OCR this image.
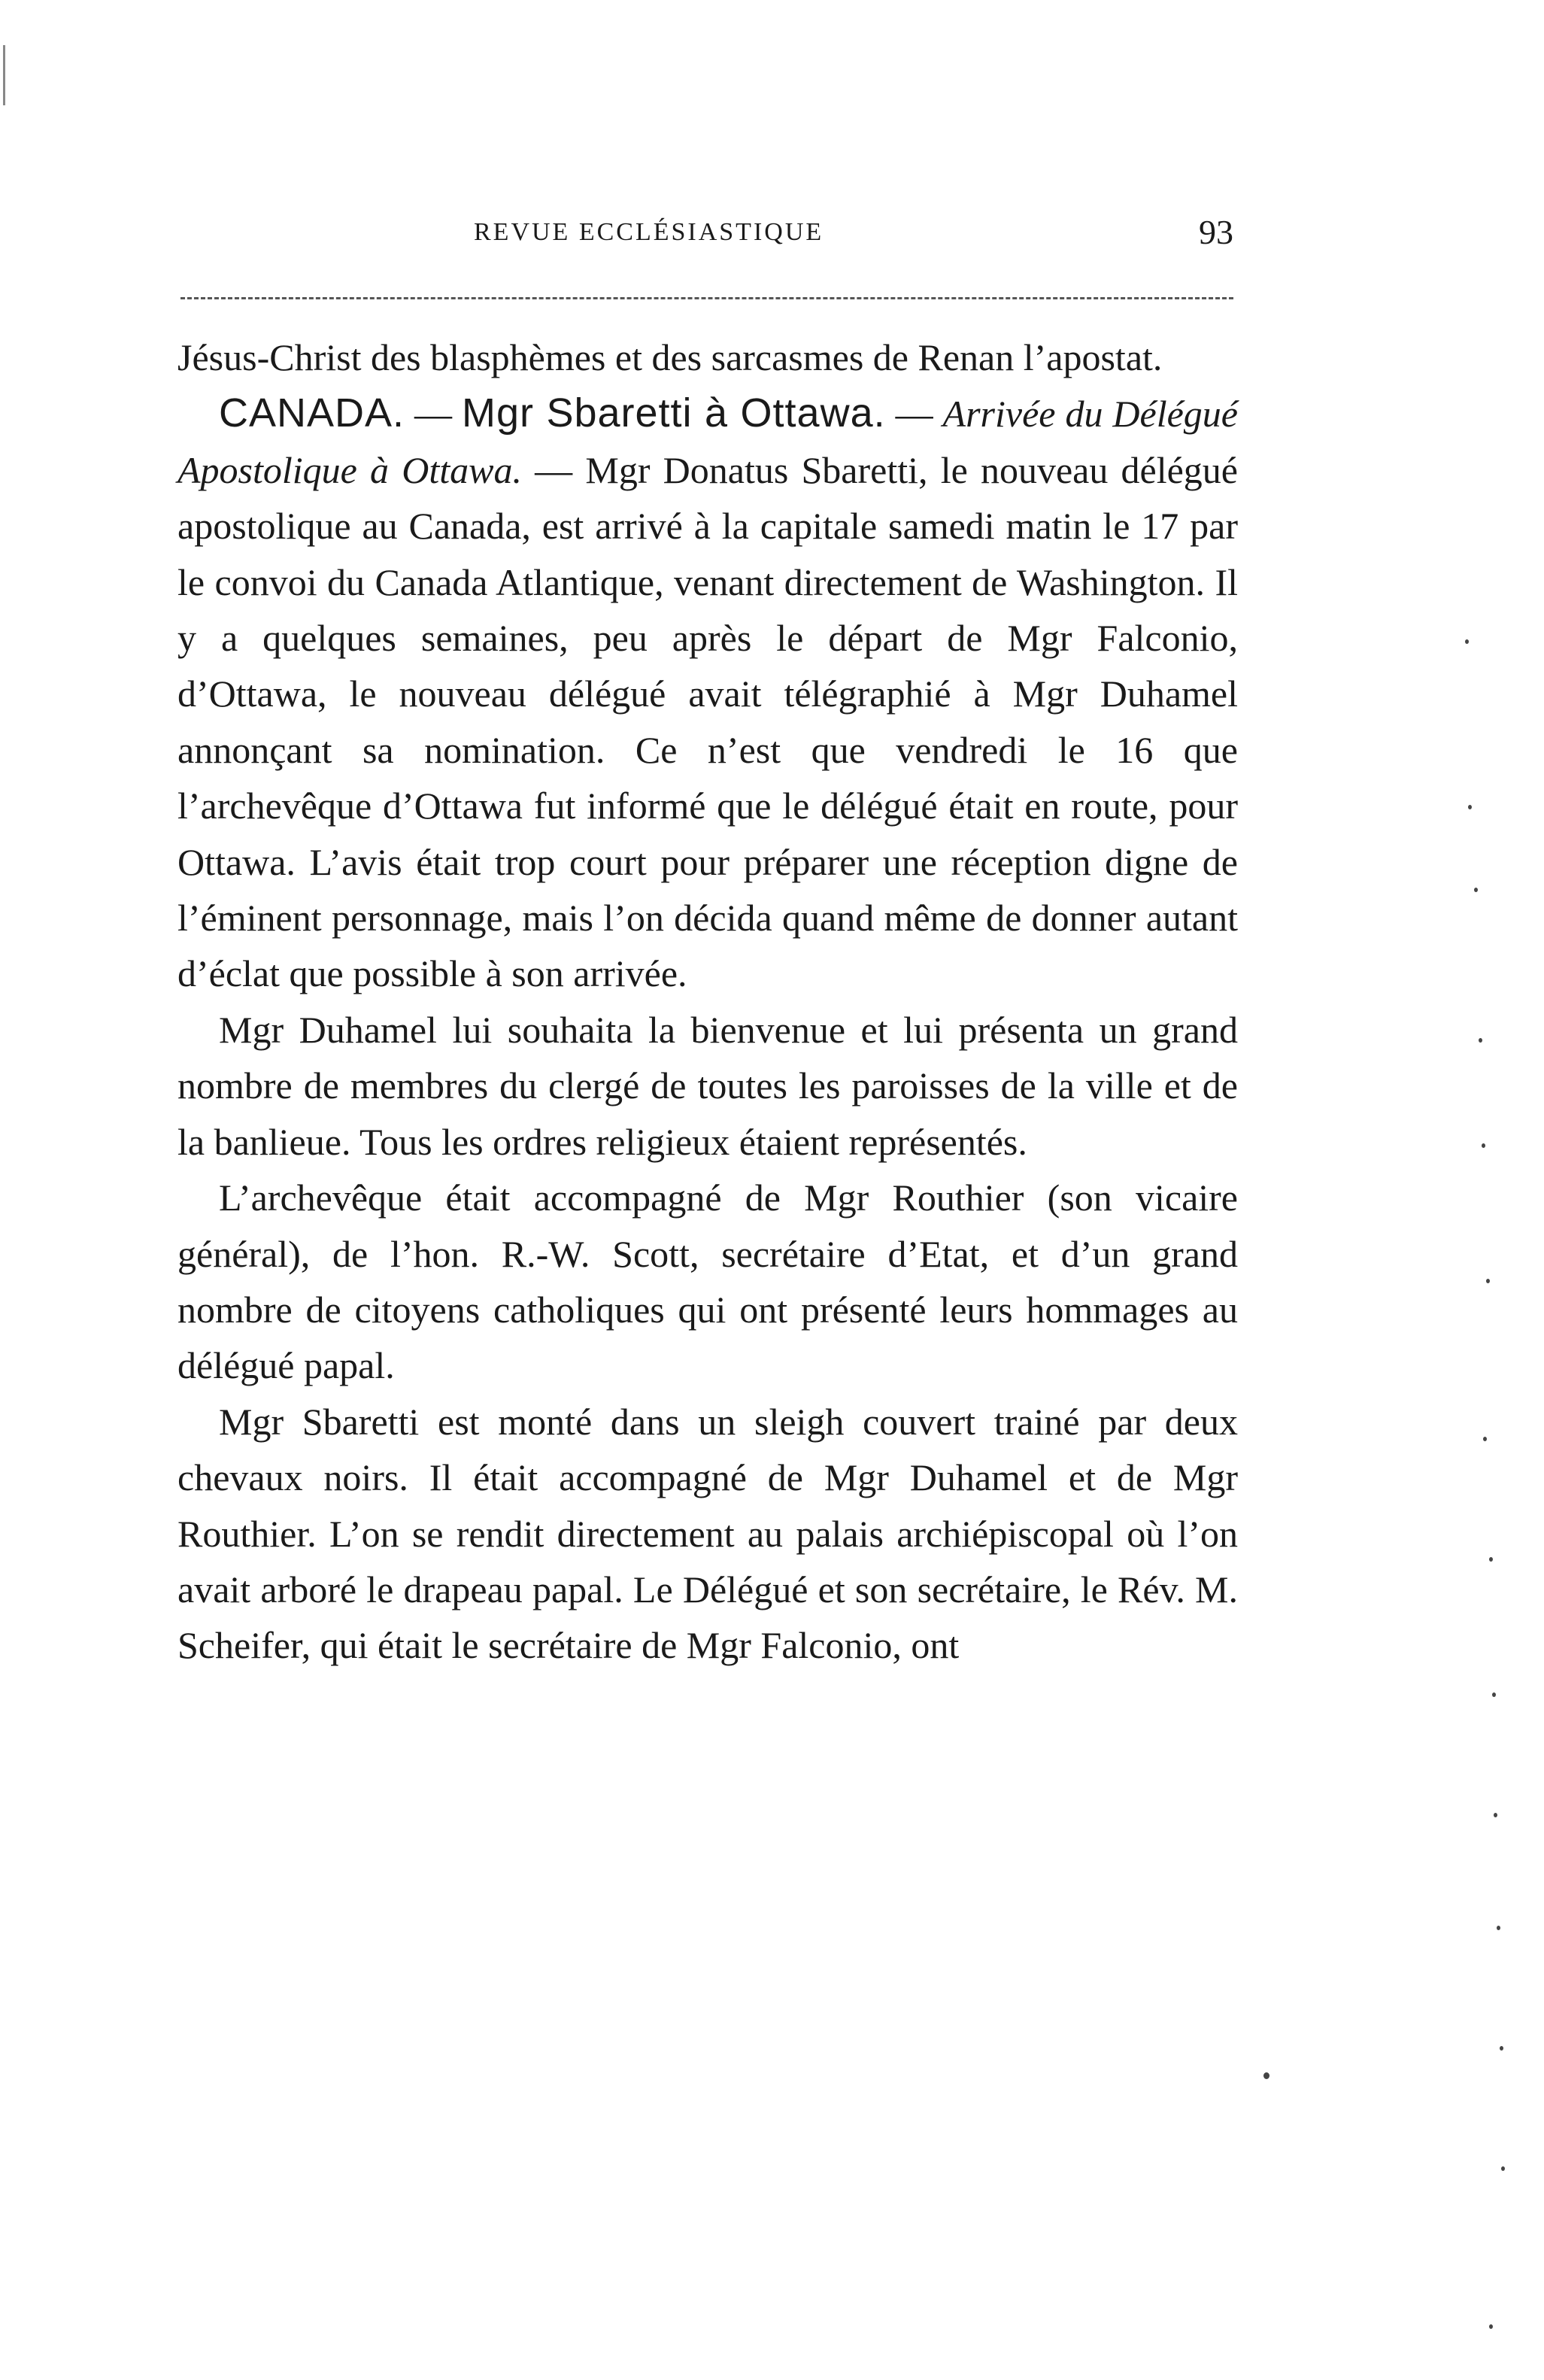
REVUE ECCLÉSIASTIQUE	93

Jésus-Christ des blasphèmes et des sarcasmes de Renan l’apostat.

CANADA. — Mgr Sbaretti à Ottawa. — Arrivée du Délégué Apostolique à Ottawa. — Mgr Donatus Sbaretti, le nouveau délégué apostolique au Canada, est arrivé à la capitale samedi matin le 17 par le convoi du Canada Atlantique, venant directement de Washington. Il y a quelques semaines, peu après le départ de Mgr Falconio, d’Ottawa, le nouveau délégué avait télégraphié à Mgr Duhamel annonçant sa nomination. Ce n’est que vendredi le 16 que l’archevêque d’Ottawa fut informé que le délégué était en route, pour Ottawa. L’avis était trop court pour préparer une réception digne de l’éminent personnage, mais l’on décida quand même de donner autant d’éclat que possible à son arrivée.

Mgr Duhamel lui souhaita la bienvenue et lui présenta un grand nombre de membres du clergé de toutes les paroisses de la ville et de la banlieue. Tous les ordres religieux étaient représentés.

L’archevêque était accompagné de Mgr Routhier (son vicaire général), de l’hon. R.-W. Scott, secrétaire d’Etat, et d’un grand nombre de citoyens catholiques qui ont présenté leurs hommages au délégué papal.

Mgr Sbaretti est monté dans un sleigh couvert trainé par deux chevaux noirs. Il était accompagné de Mgr Duhamel et de Mgr Routhier. L’on se rendit directement au palais archiépiscopal où l’on avait arboré le drapeau papal. Le Délégué et son secrétaire, le Rév. M. Scheifer, qui était le secrétaire de Mgr Falconio, ont
